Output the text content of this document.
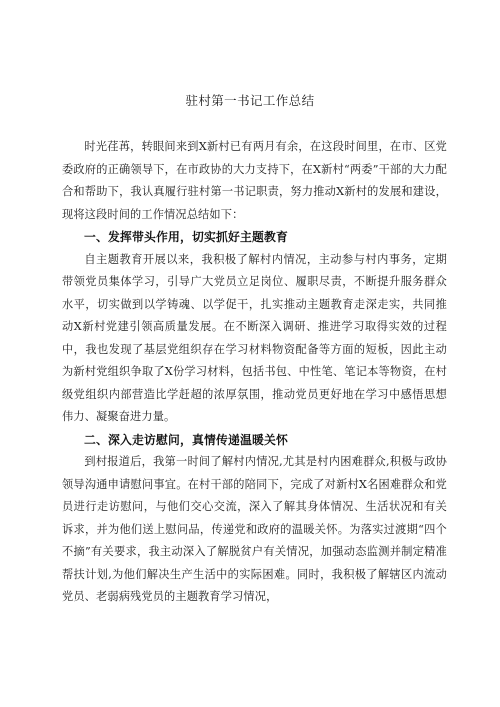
驻村第一书记工作总结

时光荏苒，转眼间来到X新村已有两月有余，在这段时间里，在市、区党委政府的正确领导下，在市政协的大力支持下，在X新村“两委”干部的大力配合和帮助下，我认真履行驻村第一书记职责，努力推动X新村的发展和建设，现将这段时间的工作情况总结如下：

一、发挥带头作用，切实抓好主题教育

自主题教育开展以来，我积极了解村内情况，主动参与村内事务，定期带领党员集体学习，引导广大党员立足岗位、履职尽责，不断提升服务群众水平，切实做到以学铸魂、以学促干，扎实推动主题教育走深走实，共同推动X新村党建引领高质量发展。在不断深入调研、推进学习取得实效的过程中，我也发现了基层党组织存在学习材料物资配备等方面的短板，因此主动为新村党组织争取了X份学习材料，包括书包、中性笔、笔记本等物资，在村级党组织内部营造比学赶超的浓厚氛围，推动党员更好地在学习中感悟思想伟力、凝聚奋进力量。

二、深入走访慰问，真情传递温暖关怀

到村报道后，我第一时间了解村内情况,尤其是村内困难群众,积极与政协领导沟通申请慰问事宜。在村干部的陪同下，完成了对新村X名困难群众和党员进行走访慰问，与他们交心交流，深入了解其身体情况、生活状况和有关诉求，并为他们送上慰问品，传递党和政府的温暖关怀。为落实过渡期“四个不摘”有关要求，我主动深入了解脱贫户有关情况，加强动态监测并制定精准帮扶计划,为他们解决生产生活中的实际困难。同时，我积极了解辖区内流动党员、老弱病残党员的主题教育学习情况，
